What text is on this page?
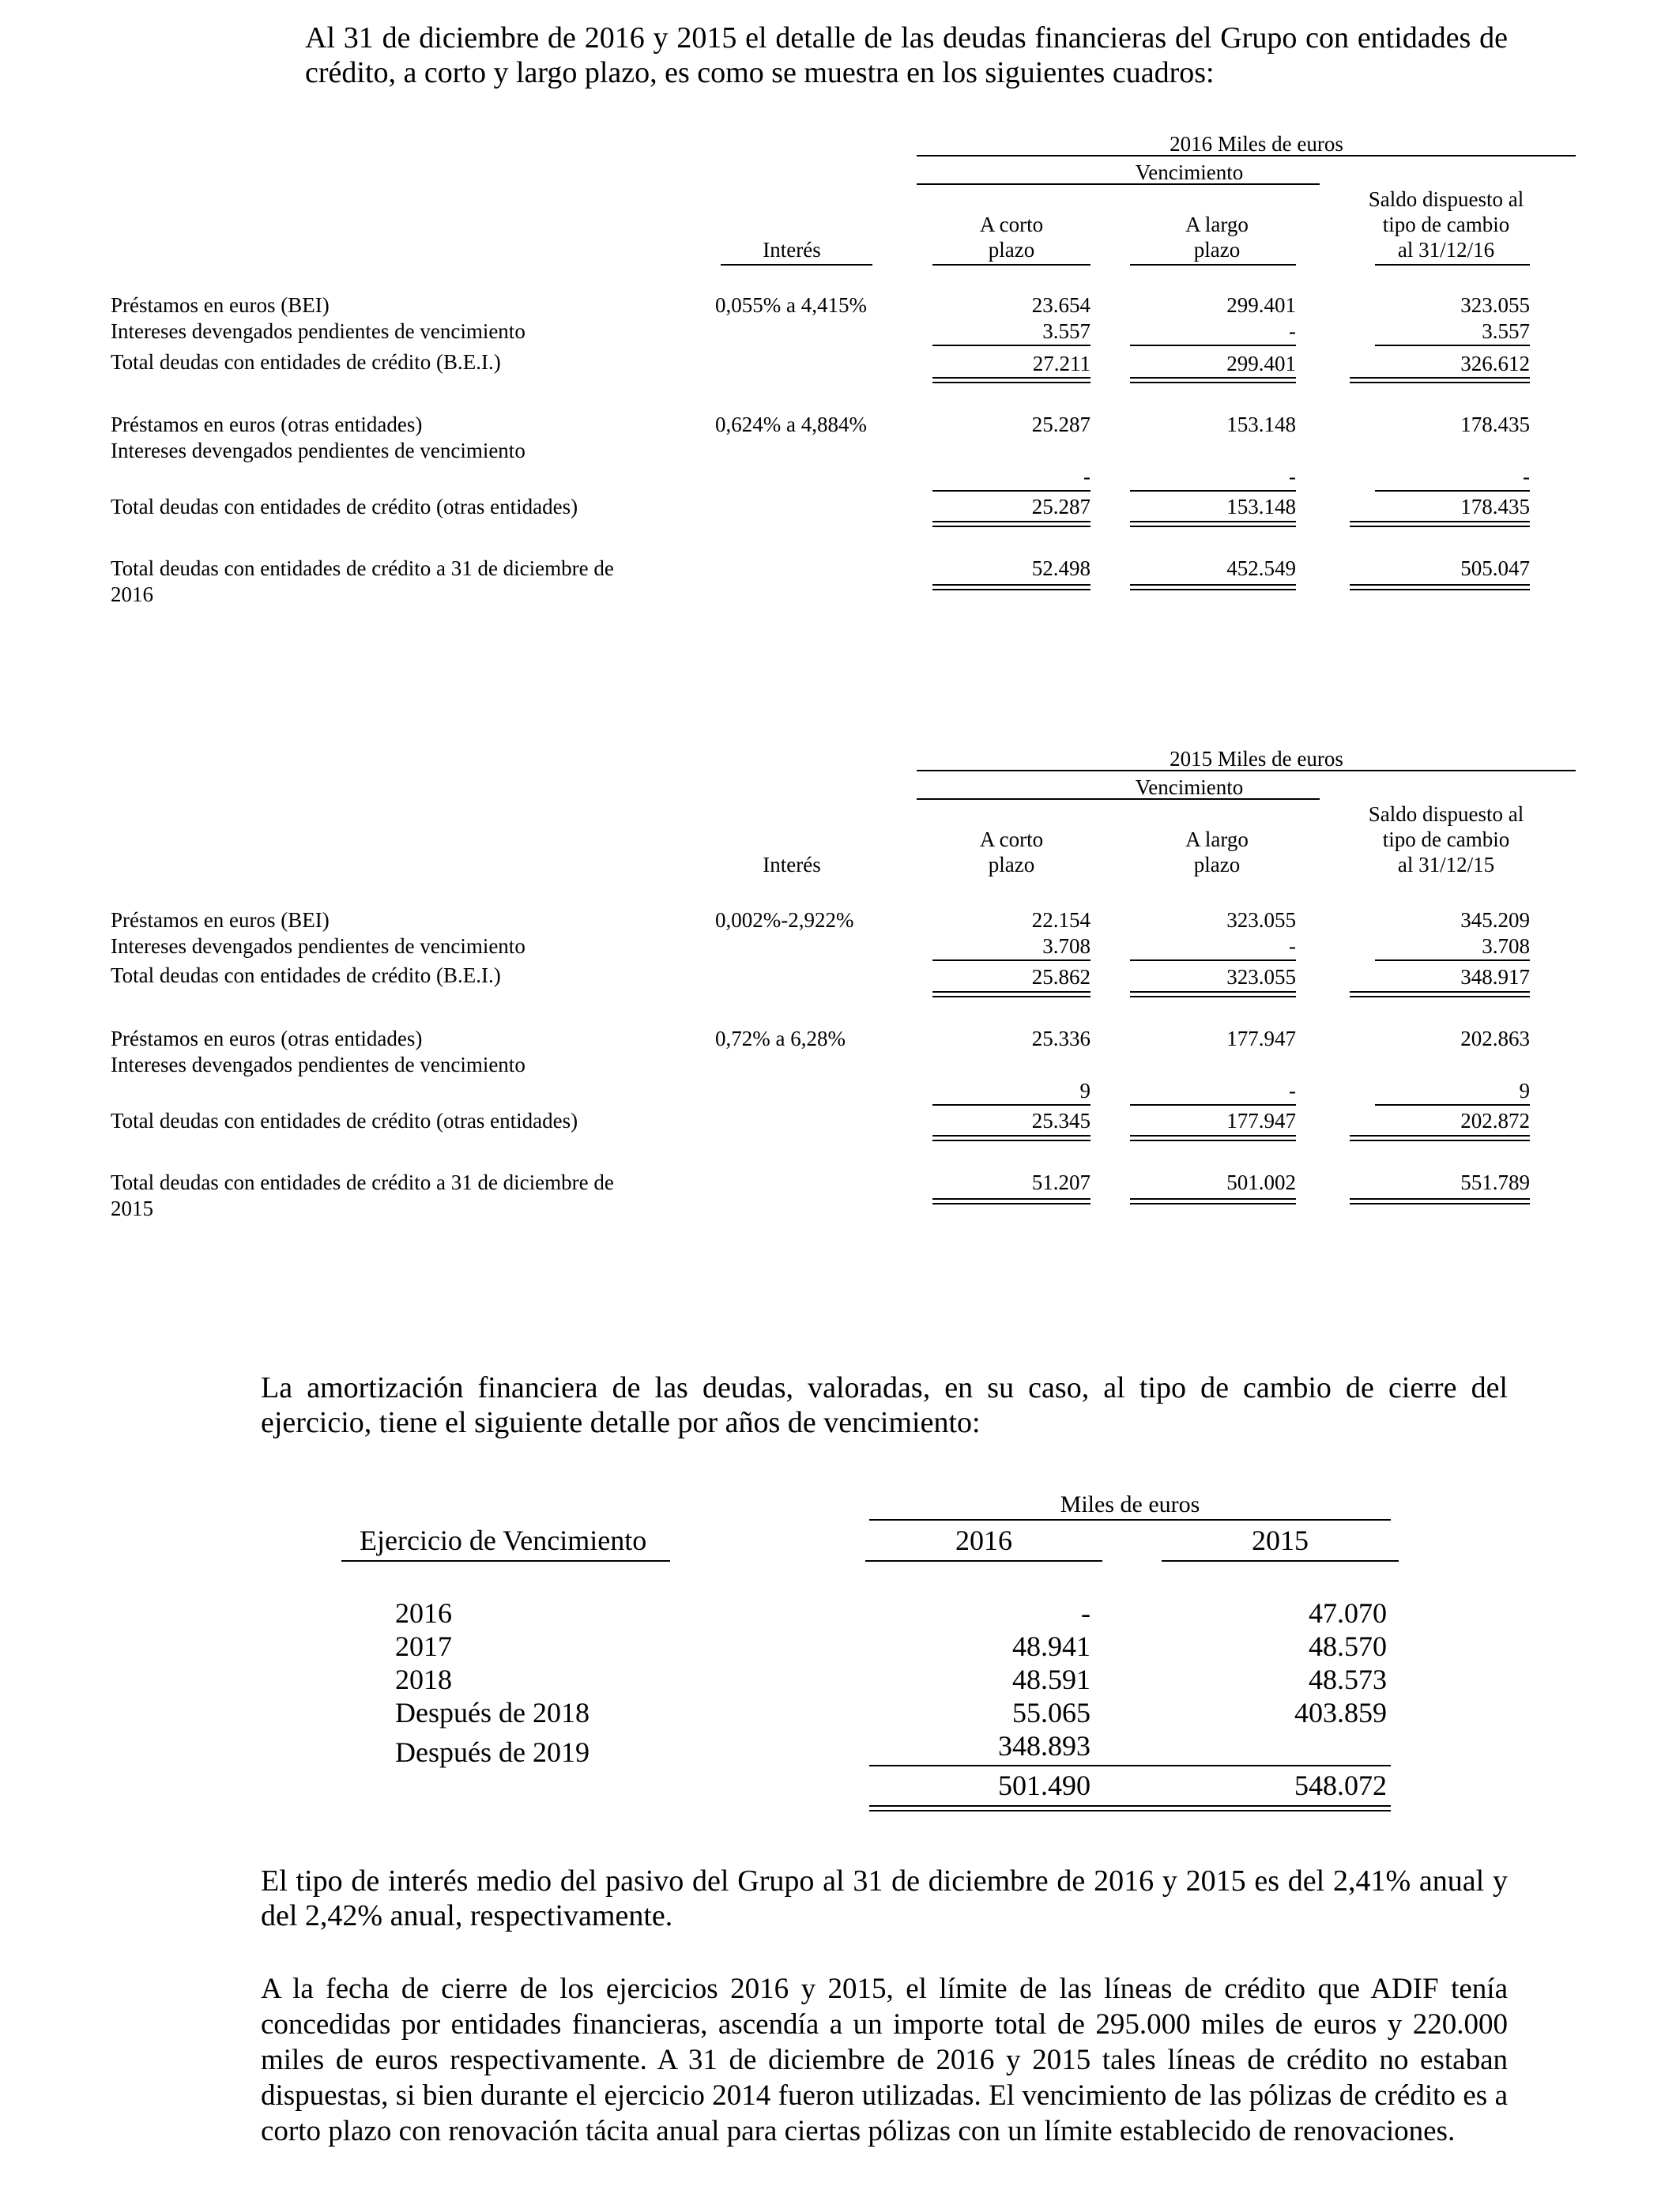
Al 31 de diciembre de 2016 y 2015 el detalle de las deudas financieras del Grupo con entidades de crédito, a corto y largo plazo, es como se muestra en los siguientes cuadros:
2016 Miles de euros
Vencimiento
Saldo dispuesto al
A corto	A largo	tipo de cambio
Interés	plazo	plazo	al 31/12/16
Préstamos en euros (BEI)	0,055% a 4,415%	23.654	299.401	323.055
Intereses devengados pendientes de vencimiento	3.557	-	3.557
Total deudas con entidades de crédito (B.E.I.)	27.211	299.401	326.612
Préstamos en euros (otras entidades)	0,624% a 4,884%	25.287	153.148	178.435
Intereses devengados pendientes de vencimiento
-	-	-
Total deudas con entidades de crédito (otras entidades)	25.287	153.148	178.435
Total deudas con entidades de crédito a 31 de diciembre de
2016
52.498	452.549	505.047
2015 Miles de euros
Vencimiento
Saldo dispuesto al
A corto	A largo	tipo de cambio
Interés	plazo	plazo	al 31/12/15
Préstamos en euros (BEI)	0,002%-2,922%	22.154	323.055	345.209
Intereses devengados pendientes de vencimiento	3.708	-	3.708
Total deudas con entidades de crédito (B.E.I.)	25.862	323.055	348.917
Préstamos en euros (otras entidades)	0,72% a 6,28%	25.336	177.947	202.863
Intereses devengados pendientes de vencimiento
9	-	9
Total deudas con entidades de crédito (otras entidades)	25.345	177.947	202.872
Total deudas con entidades de crédito a 31 de diciembre de
2015
51.207	501.002	551.789
La amortización financiera de las deudas, valoradas, en su caso, al tipo de cambio de cierre del ejercicio, tiene el siguiente detalle por años de vencimiento:
Miles de euros
Ejercicio de Vencimiento	2016	2015
2016	-	47.070
2017	48.941	48.570
2018	48.591	48.573
Después de 2018	55.065	403.859
Después de 2019	348.893
501.490	548.072
El tipo de interés medio del pasivo del Grupo al 31 de diciembre de 2016 y 2015 es del 2,41% anual y del 2,42% anual, respectivamente.
A la fecha de cierre de los ejercicios 2016 y 2015, el límite de las líneas de crédito que ADIF tenía concedidas por entidades financieras, ascendía a un importe total de 295.000 miles de euros y 220.000 miles de euros respectivamente. A 31 de diciembre de 2016 y 2015 tales líneas de crédito no estaban dispuestas, si bien durante el ejercicio 2014 fueron utilizadas. El vencimiento de las pólizas de crédito es a corto plazo con renovación tácita anual para ciertas pólizas con un límite establecido de renovaciones.
